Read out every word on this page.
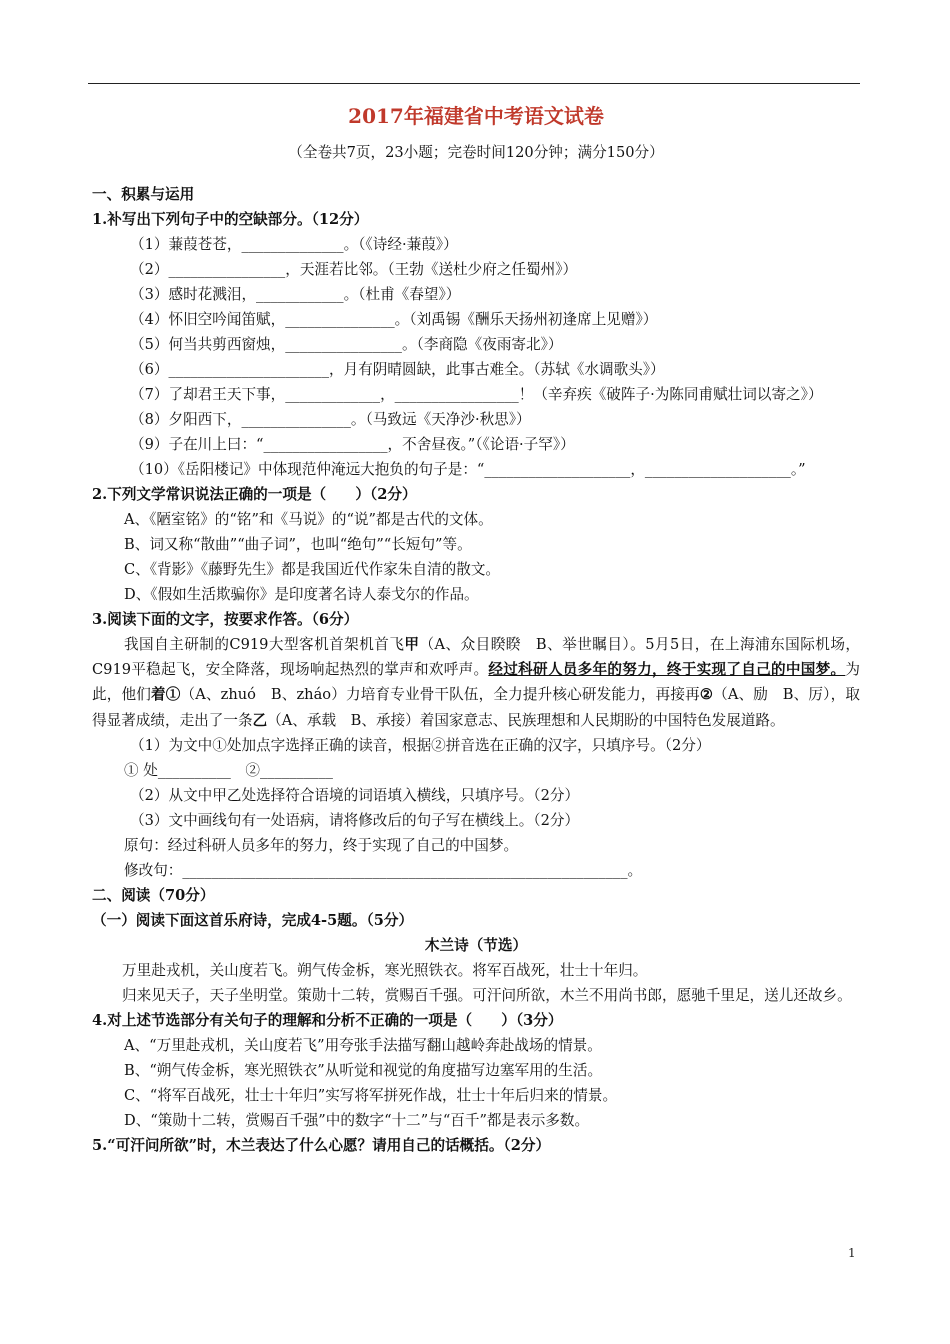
2017年福建省中考语文试卷
（全卷共7页，23小题；完卷时间120分钟；满分150分）
一、积累与运用
1.补写出下列句子中的空缺部分。（12分）
（1）蒹葭苍苍，______________。（《诗经·蒹葭》）
（2）________________，天涯若比邻。（王勃《送杜少府之任蜀州》）
（3）感时花溅泪，____________。（杜甫《春望》）
（4）怀旧空吟闻笛赋，_______________。（刘禹锡《酬乐天扬州初逢席上见赠》）
（5）何当共剪西窗烛，________________。（李商隐《夜雨寄北》）
（6）______________________，月有阴晴圆缺，此事古难全。（苏轼《水调歌头》）
（7）了却君王天下事，_____________，_________________！（辛弃疾《破阵子·为陈同甫赋壮词以寄之》）
（8）夕阳西下，_______________。（马致远《天净沙·秋思》）
（9）子在川上曰：“_________________，不舍昼夜。”（《论语·子罕》）
（10）《岳阳楼记》中体现范仲淹远大抱负的句子是：“____________________，____________________。”
2.下列文学常识说法正确的一项是（　　）（2分）
A、《陋室铭》的“铭”和《马说》的“说”都是古代的文体。
B、词又称“散曲”“曲子词”，也叫“绝句”“长短句”等。
C、《背影》《藤野先生》都是我国近代作家朱自清的散文。
D、《假如生活欺骗你》是印度著名诗人泰戈尔的作品。
3.阅读下面的文字，按要求作答。（6分）
我国自主研制的C919大型客机首架机首飞甲（A、众目睽睽　B、举世瞩目）。5月5日，在上海浦东国际机场，C919平稳起飞，安全降落，现场响起热烈的掌声和欢呼声。经过科研人员多年的努力，终于实现了自己的中国梦。为此，他们着①（A、zhuó　B、zháo）力培育专业骨干队伍，全力提升核心研发能力，再接再②（A、励　B、厉），取得显著成绩，走出了一条乙（A、承载　B、承接）着国家意志、民族理想和人民期盼的中国特色发展道路。
（1）为文中①处加点字选择正确的读音，根据②拼音选在正确的汉字，只填序号。（2分）
① 处__________　②__________
（2）从文中甲乙处选择符合语境的词语填入横线，只填序号。（2分）
（3）文中画线句有一处语病，请将修改后的句子写在横线上。（2分）
原句：经过科研人员多年的努力，终于实现了自己的中国梦。
修改句：_____________________________________________________________。
二、阅读（70分）
（一）阅读下面这首乐府诗，完成4-5题。（5分）
木兰诗（节选）
万里赴戎机，关山度若飞。朔气传金柝，寒光照铁衣。将军百战死，壮士十年归。
归来见天子，天子坐明堂。策勋十二转，赏赐百千强。可汗问所欲，木兰不用尚书郎，愿驰千里足，送儿还故乡。
4.对上述节选部分有关句子的理解和分析不正确的一项是（　　）（3分）
A、“万里赴戎机，关山度若飞”用夸张手法描写翻山越岭奔赴战场的情景。
B、“朔气传金柝，寒光照铁衣”从听觉和视觉的角度描写边塞军用的生活。
C、“将军百战死，壮士十年归”实写将军拼死作战，壮士十年后归来的情景。
D、“策勋十二转，赏赐百千强”中的数字“十二”与“百千”都是表示多数。
5.“可汗问所欲”时，木兰表达了什么心愿？请用自己的话概括。（2分）
1
